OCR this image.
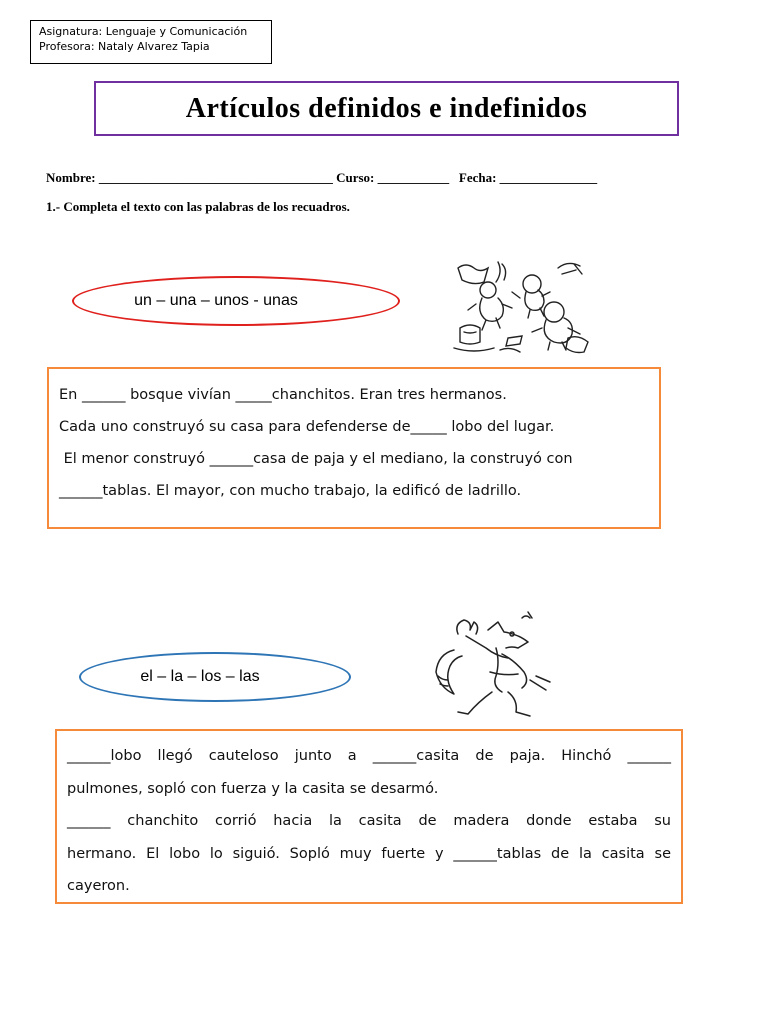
Asignatura: Lenguaje y Comunicación
Profesora: Nataly Alvarez Tapia
Artículos definidos e indefinidos
Nombre: ____________________________________ Curso: ___________ Fecha: _______________
1.- Completa el texto con las palabras de los recuadros.
un – una – unos - unas

En ______ bosque vivían _____chanchitos. Eran tres hermanos.

Cada uno construyó su casa para defenderse de_____ lobo del lugar.

El menor construyó ______casa de paja y el mediano, la construyó con

______tablas. El mayor, con mucho trabajo, la edificó de ladrillo.

el – la – los – las

______lobo llegó cauteloso junto a ______casita de paja. Hinchó ______

pulmones, sopló con fuerza y la casita se desarmó.

______ chanchito corrió hacia la casita de madera donde estaba su

hermano. El lobo lo siguió. Sopló muy fuerte y ______tablas de la casita se

cayeron.
